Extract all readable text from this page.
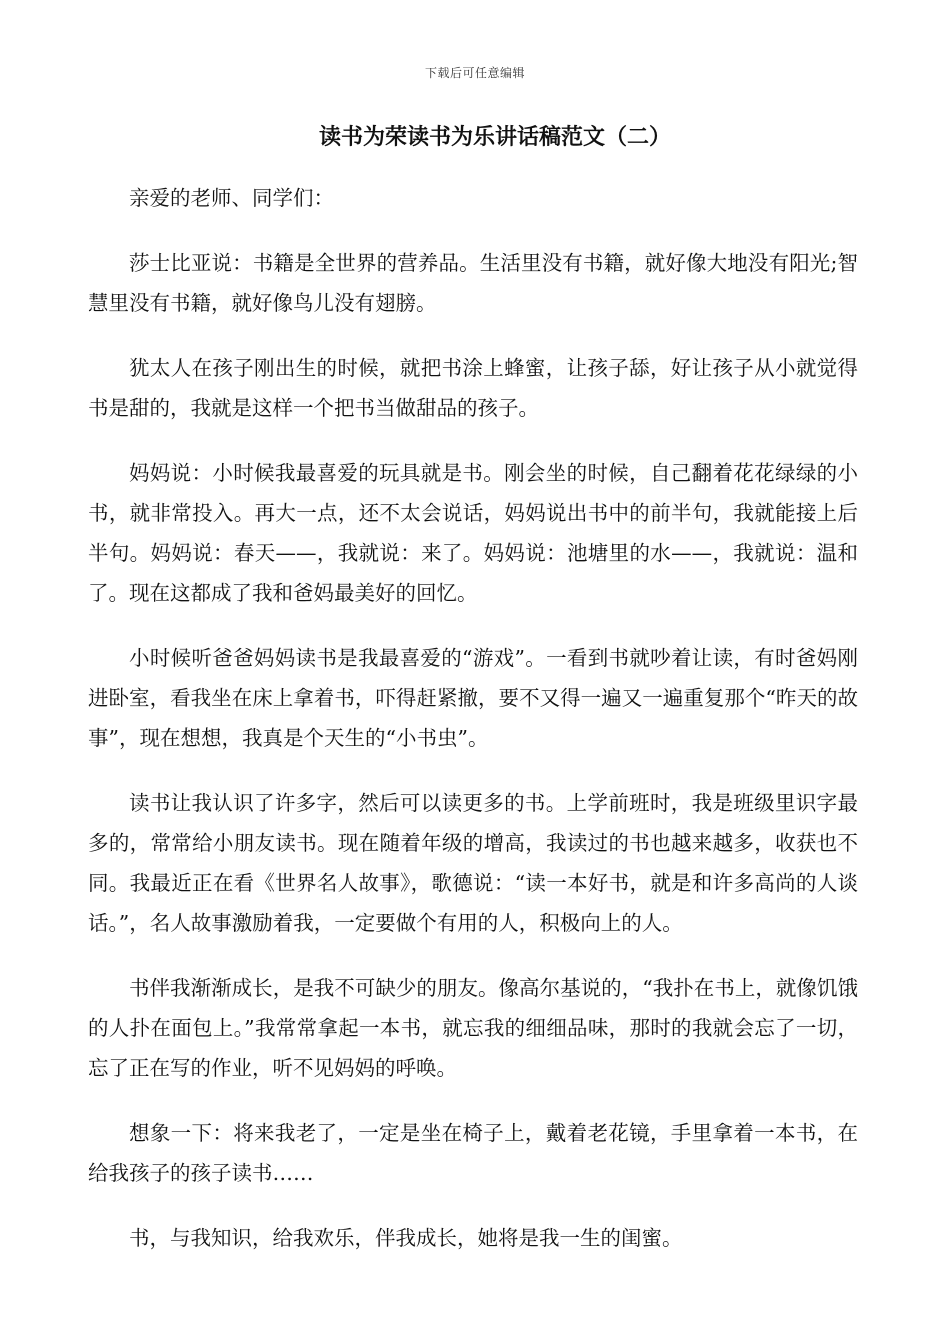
下载后可任意编辑
读书为荣读书为乐讲话稿范文（二）

亲爱的老师、同学们：

莎士比亚说：书籍是全世界的营养品。生活里没有书籍，就好像大地没有阳光;智慧里没有书籍，就好像鸟儿没有翅膀。

犹太人在孩子刚出生的时候，就把书涂上蜂蜜，让孩子舔，好让孩子从小就觉得书是甜的，我就是这样一个把书当做甜品的孩子。

妈妈说：小时候我最喜爱的玩具就是书。刚会坐的时候，自己翻着花花绿绿的小书，就非常投入。再大一点，还不太会说话，妈妈说出书中的前半句，我就能接上后半句。妈妈说：春天——，我就说：来了。妈妈说：池塘里的水——，我就说：温和了。现在这都成了我和爸妈最美好的回忆。

小时候听爸爸妈妈读书是我最喜爱的“游戏”。一看到书就吵着让读，有时爸妈刚进卧室，看我坐在床上拿着书，吓得赶紧撤，要不又得一遍又一遍重复那个“昨天的故事”，现在想想，我真是个天生的“小书虫”。

读书让我认识了许多字，然后可以读更多的书。上学前班时，我是班级里识字最多的，常常给小朋友读书。现在随着年级的增高，我读过的书也越来越多，收获也不同。我最近正在看《世界名人故事》，歌德说：“读一本好书，就是和许多高尚的人谈话。”，名人故事激励着我，一定要做个有用的人，积极向上的人。

书伴我渐渐成长，是我不可缺少的朋友。像高尔基说的，“我扑在书上，就像饥饿的人扑在面包上。”我常常拿起一本书，就忘我的细细品味，那时的我就会忘了一切，忘了正在写的作业，听不见妈妈的呼唤。

想象一下：将来我老了，一定是坐在椅子上，戴着老花镜，手里拿着一本书，在给我孩子的孩子读书……

书，与我知识，给我欢乐，伴我成长，她将是我一生的闺蜜。
